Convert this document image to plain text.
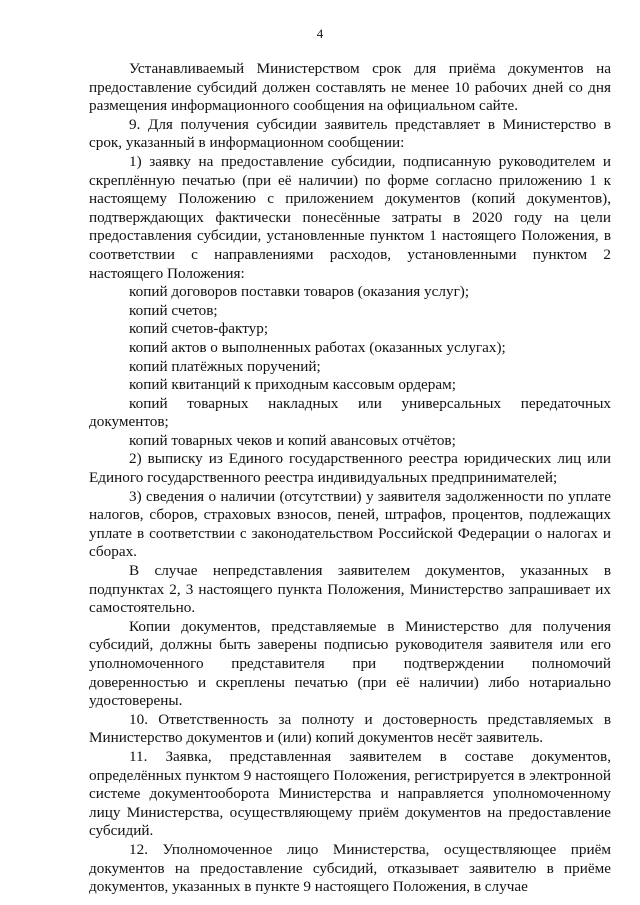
4

Устанавливаемый Министерством срок для приёма документов на предоставление субсидий должен составлять не менее 10 рабочих дней со дня размещения информационного сообщения на официальном сайте.

9. Для получения субсидии заявитель представляет в Министерство в срок, указанный в информационном сообщении:

1) заявку на предоставление субсидии, подписанную руководителем и скреплённую печатью (при её наличии) по форме согласно приложению 1 к настоящему Положению с приложением документов (копий документов), подтверждающих фактически понесённые затраты в 2020 году на цели предоставления субсидии, установленные пунктом 1 настоящего Положения, в соответствии с направлениями расходов, установленными пунктом 2 настоящего Положения:

копий договоров поставки товаров (оказания услуг);

копий счетов;

копий счетов-фактур;

копий актов о выполненных работах (оказанных услугах);

копий платёжных поручений;

копий квитанций к приходным кассовым ордерам;

копий товарных накладных или универсальных передаточных документов;

копий товарных чеков и копий авансовых отчётов;

2) выписку из Единого государственного реестра юридических лиц или Единого государственного реестра индивидуальных предпринимателей;

3) сведения о наличии (отсутствии) у заявителя задолженности по уплате налогов, сборов, страховых взносов, пеней, штрафов, процентов, подлежащих уплате в соответствии с законодательством Российской Федерации о налогах и сборах.

В случае непредставления заявителем документов, указанных в подпунктах 2, 3 настоящего пункта Положения, Министерство запрашивает их самостоятельно.

Копии документов, представляемые в Министерство для получения субсидий, должны быть заверены подписью руководителя заявителя или его уполномоченного представителя при подтверждении полномочий доверенностью и скреплены печатью (при её наличии) либо нотариально удостоверены.

10. Ответственность за полноту и достоверность представляемых в Министерство документов и (или) копий документов несёт заявитель.

11. Заявка, представленная заявителем в составе документов, определённых пунктом 9 настоящего Положения, регистрируется в электронной системе документооборота Министерства и направляется уполномоченному лицу Министерства, осуществляющему приём документов на предоставление субсидий.

12. Уполномоченное лицо Министерства, осуществляющее приём документов на предоставление субсидий, отказывает заявителю в приёме документов, указанных в пункте 9 настоящего Положения, в случае
